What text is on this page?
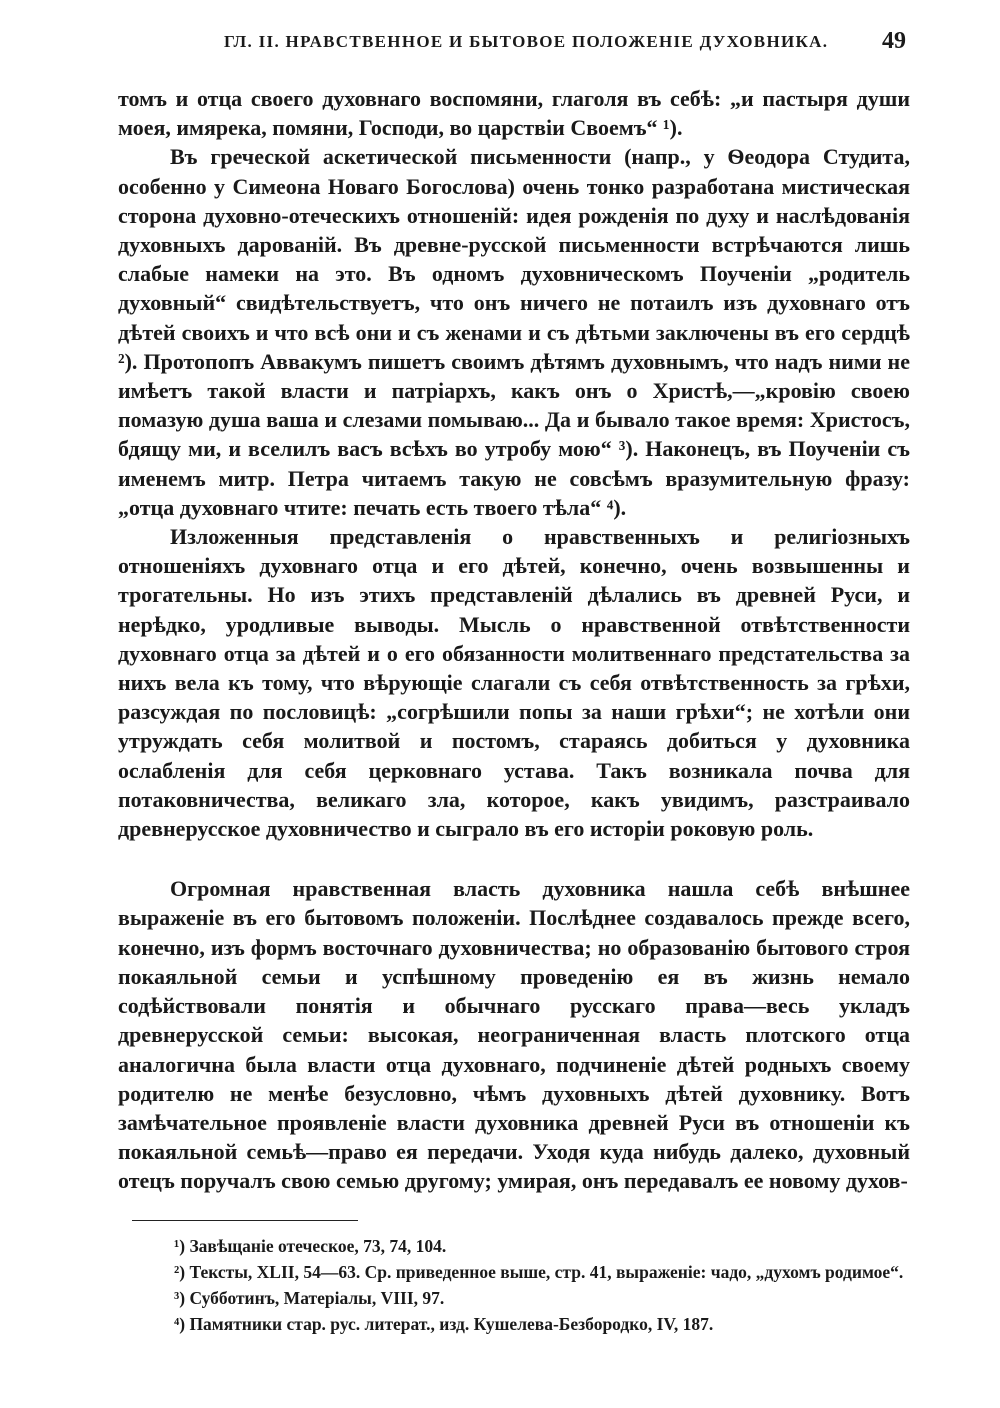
ГЛ. II. НРАВСТВЕННОЕ И БЫТОВОЕ ПОЛОЖЕНІЕ ДУХОВНИКА. 49

томъ и отца своего духовнаго воспомяни, глаголя въ себѣ: „и пастыря души моея, имярека, помяни, Господи, во царствіи Своемъ“ ¹).

Въ греческой аскетической письменности (напр., у Ѳеодора Студита, особенно у Симеона Новаго Богослова) очень тонко разработана мистическая сторона духовно-отеческихъ отношеній: идея рожденія по духу и наслѣдованія духовныхъ дарованій. Въ древне-русской письменности встрѣчаются лишь слабые намеки на это. Въ одномъ духовническомъ Поученіи „родитель духовный“ свидѣтельствуетъ, что онъ ничего не потаилъ изъ духовнаго отъ дѣтей своихъ и что всѣ они и съ женами и съ дѣтьми заключены въ его сердцѣ ²). Протопопъ Аввакумъ пишетъ своимъ дѣтямъ духовнымъ, что надъ ними не имѣетъ такой власти и патріархъ, какъ онъ о Христѣ,—„кровію своею помазую душа ваша и слезами помываю... Да и бывало такое время: Христосъ, бдящу ми, и вселилъ васъ всѣхъ во утробу мою“ ³). Наконецъ, въ Поученіи съ именемъ митр. Петра читаемъ такую не совсѣмъ вразумительную фразу: „отца духовнаго чтите: печать есть твоего тѣла“ ⁴).

Изложенныя представленія о нравственныхъ и религіозныхъ отношеніяхъ духовнаго отца и его дѣтей, конечно, очень возвышенны и трогательны. Но изъ этихъ представленій дѣлались въ древней Руси, и нерѣдко, уродливые выводы. Мысль о нравственной отвѣтственности духовнаго отца за дѣтей и о его обязанности молитвеннаго предстательства за нихъ вела къ тому, что вѣрующіе слагали съ себя отвѣтственность за грѣхи, разсуждая по пословицѣ: „согрѣшили попы за наши грѣхи“; не хотѣли они утруждать себя молитвой и постомъ, стараясь добиться у духовника ослабленія для себя церковнаго устава. Такъ возникала почва для потаковничества, великаго зла, которое, какъ увидимъ, разстраивало древнерусское духовничество и сыграло въ его исторіи роковую роль.

Огромная нравственная власть духовника нашла себѣ внѣшнее выраженіе въ его бытовомъ положеніи. Послѣднее создавалось прежде всего, конечно, изъ формъ восточнаго духовничества; но образованію бытового строя покаяльной семьи и успѣшному проведенію ея въ жизнь немало содѣйствовали понятія и обычнаго русскаго права—весь укладъ древнерусской семьи: высокая, неограниченная власть плотского отца аналогична была власти отца духовнаго, подчиненіе дѣтей родныхъ своему родителю не менѣе безусловно, чѣмъ духовныхъ дѣтей духовнику. Вотъ замѣчательное проявленіе власти духовника древней Руси въ отношеніи къ покаяльной семьѣ—право ея передачи. Уходя куда нибудь далеко, духовный отецъ поручалъ свою семью другому; умирая, онъ передавалъ ее новому духов-

¹) Завѣщаніе отеческое, 73, 74, 104.

²) Тексты, XLII, 54—63. Ср. приведенное выше, стр. 41, выраженіе: чадо, „духомъ родимое“.

³) Субботинъ, Матеріалы, VIII, 97.

⁴) Памятники стар. рус. литерат., изд. Кушелева-Безбородко, IV, 187.
